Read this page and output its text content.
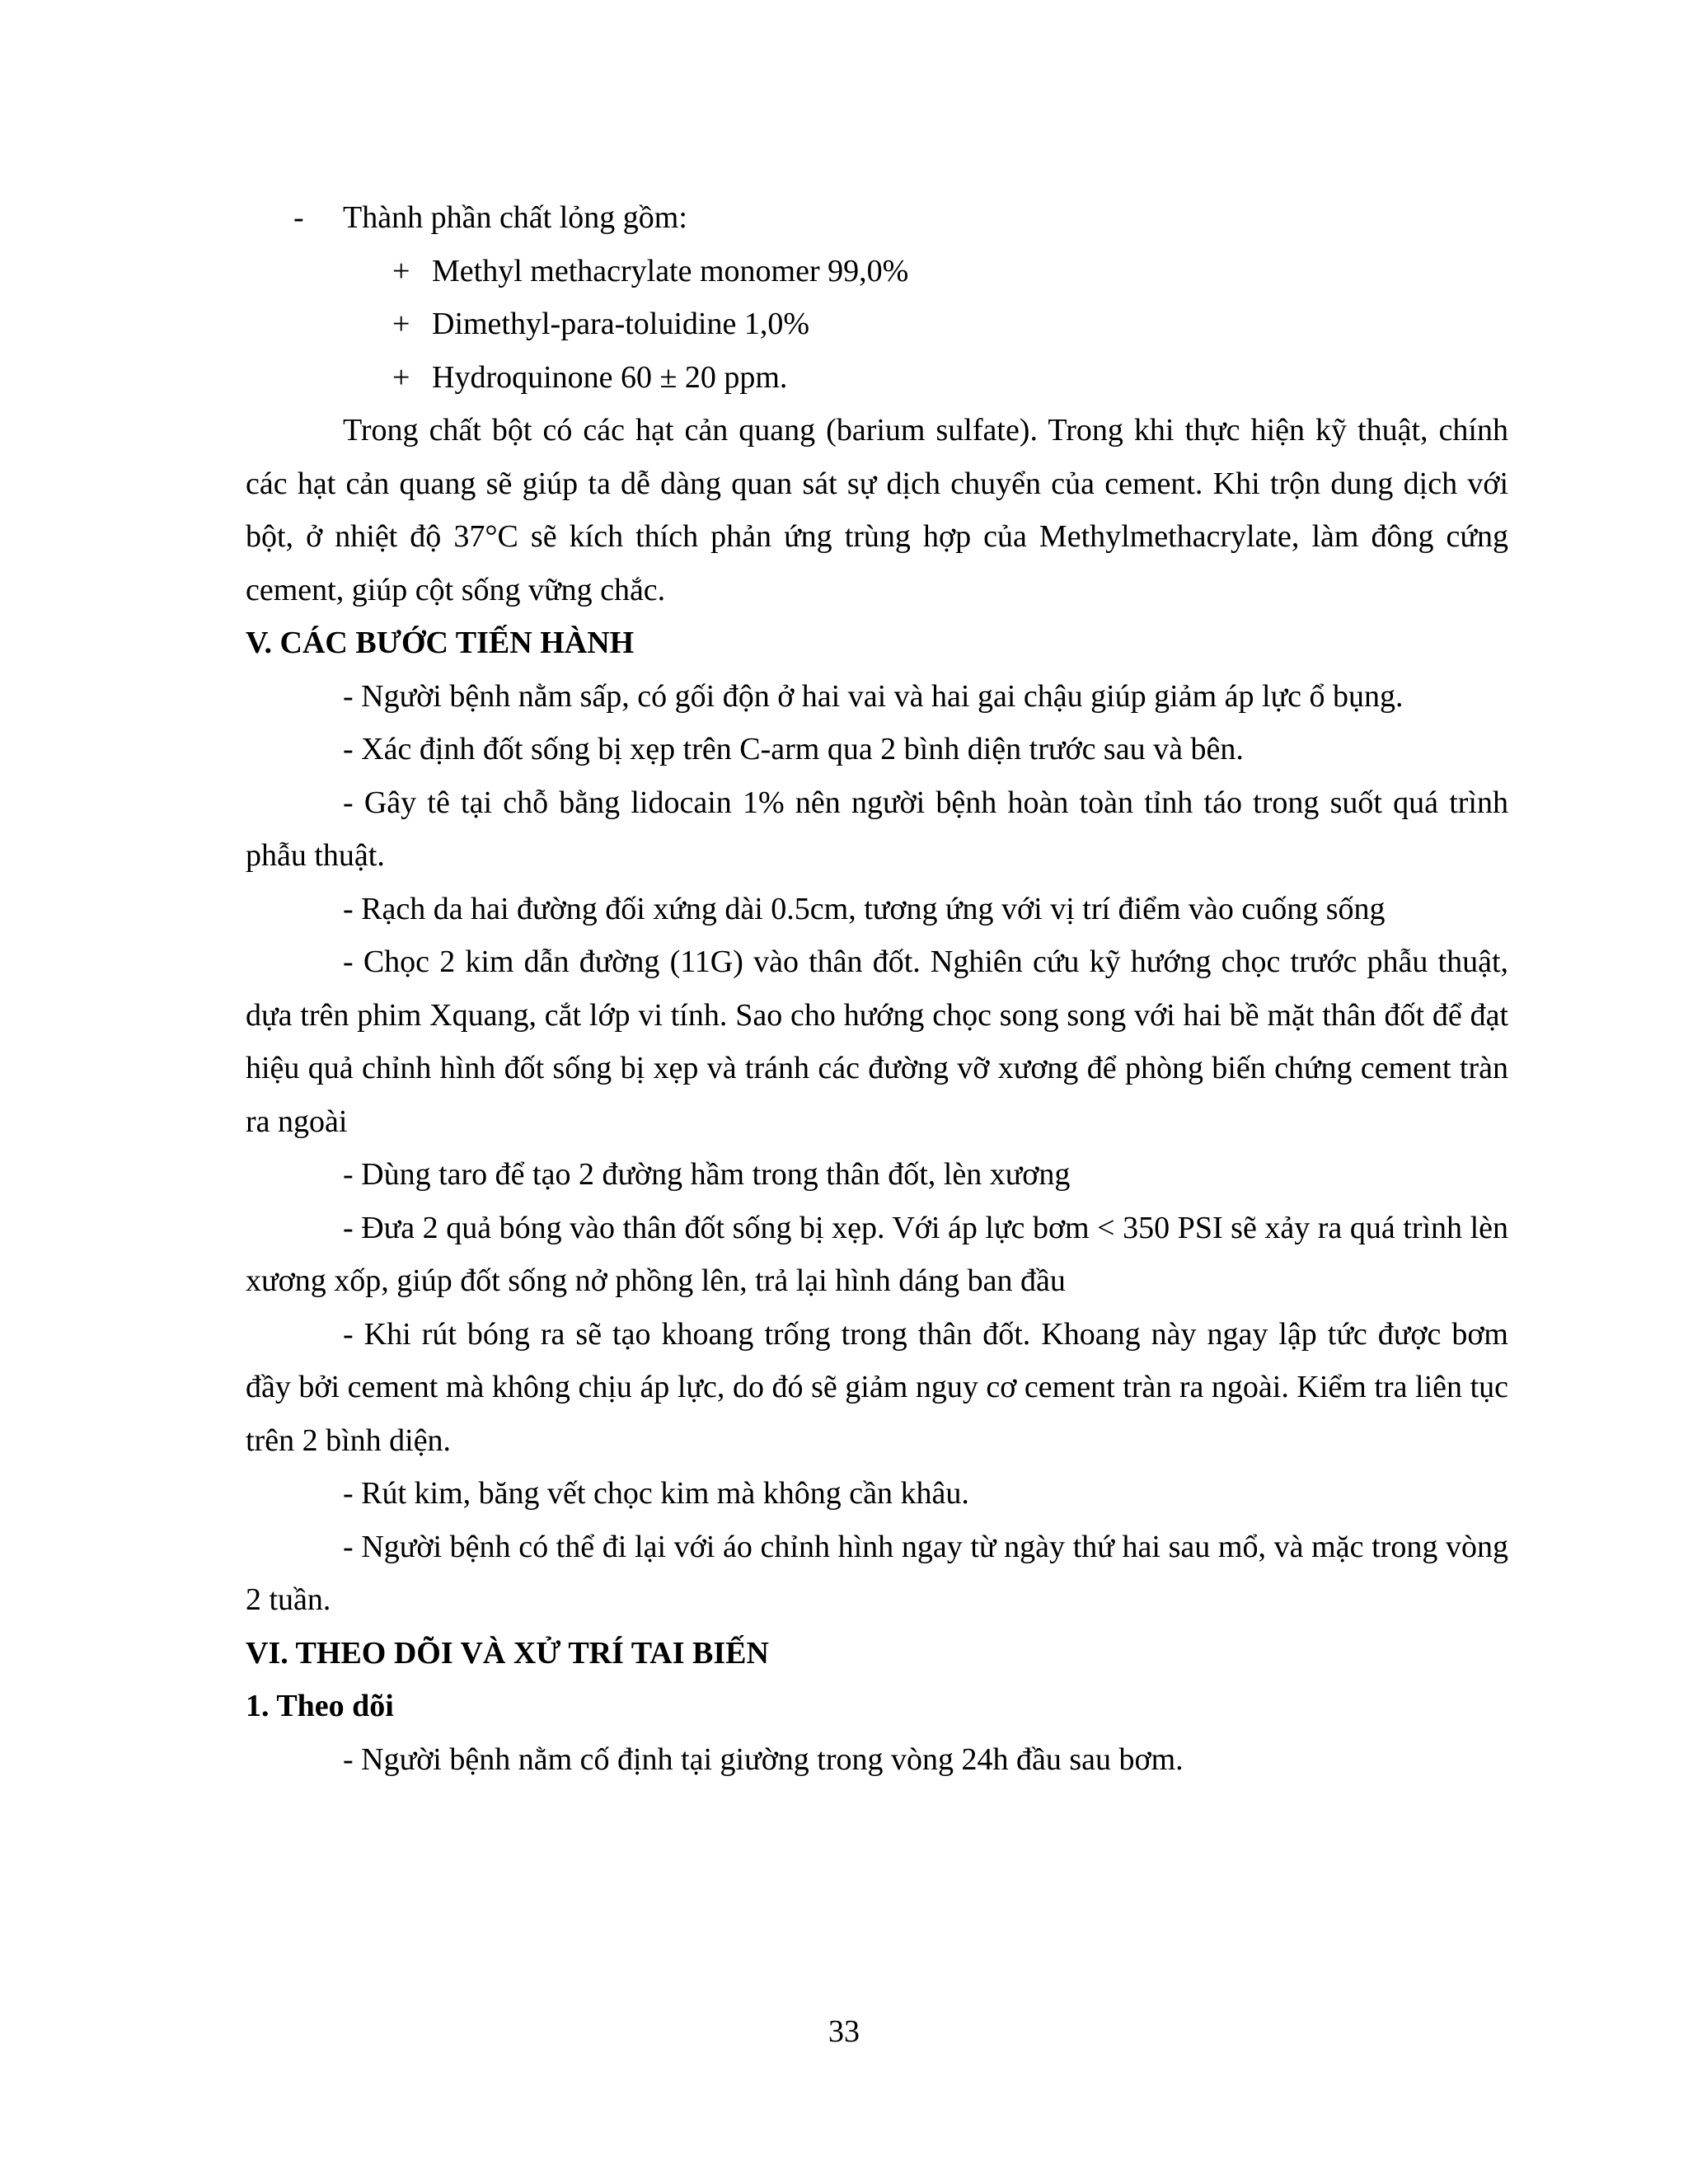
- Thành phần chất lỏng gồm:

+ Methyl methacrylate monomer 99,0%

+ Dimethyl-para-toluidine 1,0%

+ Hydroquinone 60 ± 20 ppm.

Trong chất bột có các hạt cản quang (barium sulfate). Trong khi thực hiện kỹ thuật, chính các hạt cản quang sẽ giúp ta dễ dàng quan sát sự dịch chuyển của cement. Khi trộn dung dịch với bột, ở nhiệt độ 37°C sẽ kích thích phản ứng trùng hợp của Methylmethacrylate, làm đông cứng cement, giúp cột sống vững chắc.

V. CÁC BƯỚC TIẾN HÀNH

- Người bệnh nằm sấp, có gối độn ở hai vai và hai gai chậu giúp giảm áp lực ổ bụng.

- Xác định đốt sống bị xẹp trên C-arm qua 2 bình diện trước sau và bên.

- Gây tê tại chỗ bằng lidocain 1% nên người bệnh hoàn toàn tỉnh táo trong suốt quá trình phẫu thuật.

- Rạch da hai đường đối xứng dài 0.5cm, tương ứng với vị trí điểm vào cuống sống

- Chọc 2 kim dẫn đường (11G) vào thân đốt. Nghiên cứu kỹ hướng chọc trước phẫu thuật, dựa trên phim Xquang, cắt lớp vi tính. Sao cho hướng chọc song song với hai bề mặt thân đốt để đạt hiệu quả chỉnh hình đốt sống bị xẹp và tránh các đường vỡ xương để phòng biến chứng cement tràn ra ngoài

- Dùng taro để tạo 2 đường hầm trong thân đốt, lèn xương

- Đưa 2 quả bóng vào thân đốt sống bị xẹp. Với áp lực bơm < 350 PSI sẽ xảy ra quá trình lèn xương xốp, giúp đốt sống nở phồng lên, trả lại hình dáng ban đầu

- Khi rút bóng ra sẽ tạo khoang trống trong thân đốt. Khoang này ngay lập tức được bơm đầy bởi cement mà không chịu áp lực, do đó sẽ giảm nguy cơ cement tràn ra ngoài. Kiểm tra liên tục trên 2 bình diện.

- Rút kim, băng vết chọc kim mà không cần khâu.

- Người bệnh có thể đi lại với áo chỉnh hình ngay từ ngày thứ hai sau mổ, và mặc trong vòng 2 tuần.

VI. THEO DÕI VÀ XỬ TRÍ TAI BIẾN

1. Theo dõi

- Người bệnh nằm cố định tại giường trong vòng 24h đầu sau bơm.

33
